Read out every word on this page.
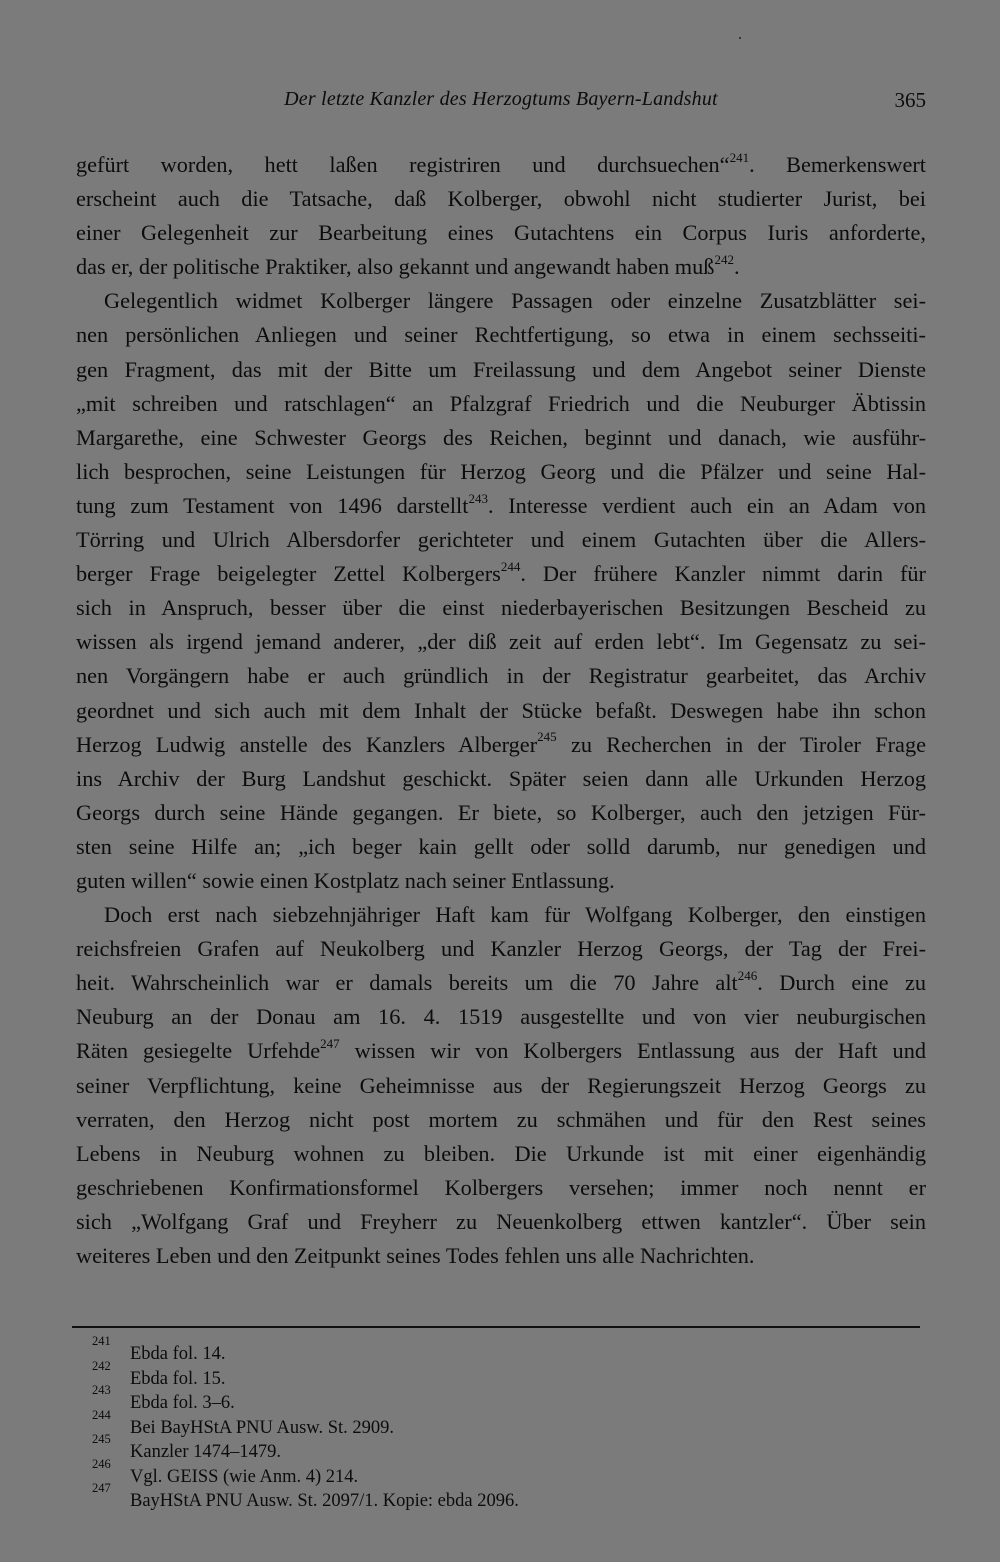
Der letzte Kanzler des Herzogtums Bayern-Landshut	365
gefürt worden, hett laßen registriren und durchsuechen“$^{241}$. Bemerkenswert
erscheint auch die Tatsache, daß Kolberger, obwohl nicht studierter Jurist, bei
einer Gelegenheit zur Bearbeitung eines Gutachtens ein Corpus Iuris anforderte,
das er, der politische Praktiker, also gekannt und angewandt haben muß$^{242}$.
Gelegentlich widmet Kolberger längere Passagen oder einzelne Zusatzblätter sei-
nen persönlichen Anliegen und seiner Rechtfertigung, so etwa in einem sechsseiti-
gen Fragment, das mit der Bitte um Freilassung und dem Angebot seiner Dienste
„mit schreiben und ratschlagen“ an Pfalzgraf Friedrich und die Neuburger Äbtissin
Margarethe, eine Schwester Georgs des Reichen, beginnt und danach, wie ausführ-
lich besprochen, seine Leistungen für Herzog Georg und die Pfälzer und seine Hal-
tung zum Testament von 1496 darstellt$^{243}$. Interesse verdient auch ein an Adam von
Törring und Ulrich Albersdorfer gerichteter und einem Gutachten über die Allers-
berger Frage beigelegter Zettel Kolbergers$^{244}$. Der frühere Kanzler nimmt darin für
sich in Anspruch, besser über die einst niederbayerischen Besitzungen Bescheid zu
wissen als irgend jemand anderer, „der diß zeit auf erden lebt“. Im Gegensatz zu sei-
nen Vorgängern habe er auch gründlich in der Registratur gearbeitet, das Archiv
geordnet und sich auch mit dem Inhalt der Stücke befaßt. Deswegen habe ihn schon
Herzog Ludwig anstelle des Kanzlers Alberger$^{245}$ zu Recherchen in der Tiroler Frage
ins Archiv der Burg Landshut geschickt. Später seien dann alle Urkunden Herzog
Georgs durch seine Hände gegangen. Er biete, so Kolberger, auch den jetzigen Für-
sten seine Hilfe an; „ich beger kain gellt oder solld darumb, nur genedigen und
guten willen“ sowie einen Kostplatz nach seiner Entlassung.
Doch erst nach siebzehnjähriger Haft kam für Wolfgang Kolberger, den einstigen
reichsfreien Grafen auf Neukolberg und Kanzler Herzog Georgs, der Tag der Frei-
heit. Wahrscheinlich war er damals bereits um die 70 Jahre alt$^{246}$. Durch eine zu
Neuburg an der Donau am 16. 4. 1519 ausgestellte und von vier neuburgischen
Räten gesiegelte Urfehde$^{247}$ wissen wir von Kolbergers Entlassung aus der Haft und
seiner Verpflichtung, keine Geheimnisse aus der Regierungszeit Herzog Georgs zu
verraten, den Herzog nicht post mortem zu schmähen und für den Rest seines
Lebens in Neuburg wohnen zu bleiben. Die Urkunde ist mit einer eigenhändig
geschriebenen Konfirmationsformel Kolbergers versehen; immer noch nennt er
sich „Wolfgang Graf und Freyherr zu Neuenkolberg ettwen kantzler“. Über sein
weiteres Leben und den Zeitpunkt seines Todes fehlen uns alle Nachrichten.
241
Ebda fol. 14.
242
Ebda fol. 15.
243
Ebda fol. 3–6.
244
Bei BayHStA PNU Ausw. St. 2909.
245
Kanzler 1474–1479.
246
Vgl. GEISS (wie Anm. 4) 214.
247
BayHStA PNU Ausw. St. 2097/1. Kopie: ebda 2096.
